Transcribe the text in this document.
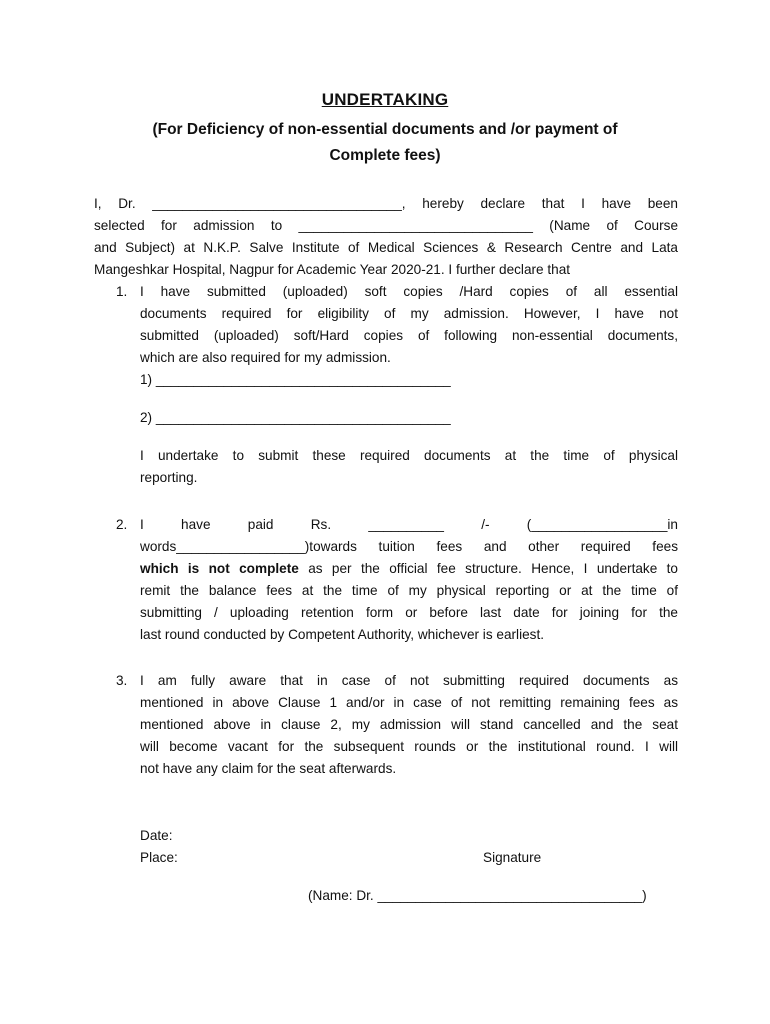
UNDERTAKING
(For Deficiency of non-essential documents and /or payment of
Complete fees)
I, Dr. _________________________________, hereby declare that I have been
selected for admission to _______________________________ (Name of Course
and Subject) at N.K.P. Salve Institute of Medical Sciences & Research Centre and Lata
Mangeshkar Hospital, Nagpur for Academic Year 2020-21. I further declare that
1. I have submitted (uploaded) soft copies /Hard copies of all essential
documents required for eligibility of my admission. However, I have not
submitted (uploaded) soft/Hard copies of following non-essential documents,
which are also required for my admission.
1) _______________________________________
2) _______________________________________
I undertake to submit these required documents at the time of physical
reporting.
2. I have paid Rs. __________ /- (__________________in
words_________________)towards tuition fees and other required fees
which is not complete as per the official fee structure. Hence, I undertake to
remit the balance fees at the time of my physical reporting or at the time of
submitting / uploading retention form or before last date for joining for the
last round conducted by Competent Authority, whichever is earliest.
3. I am fully aware that in case of not submitting required documents as
mentioned in above Clause 1 and/or in case of not remitting remaining fees as
mentioned above in clause 2, my admission will stand cancelled and the seat
will become vacant for the subsequent rounds or the institutional round. I will
not have any claim for the seat afterwards.
Date:
Place:	Signature
(Name: Dr. ___________________________________)
